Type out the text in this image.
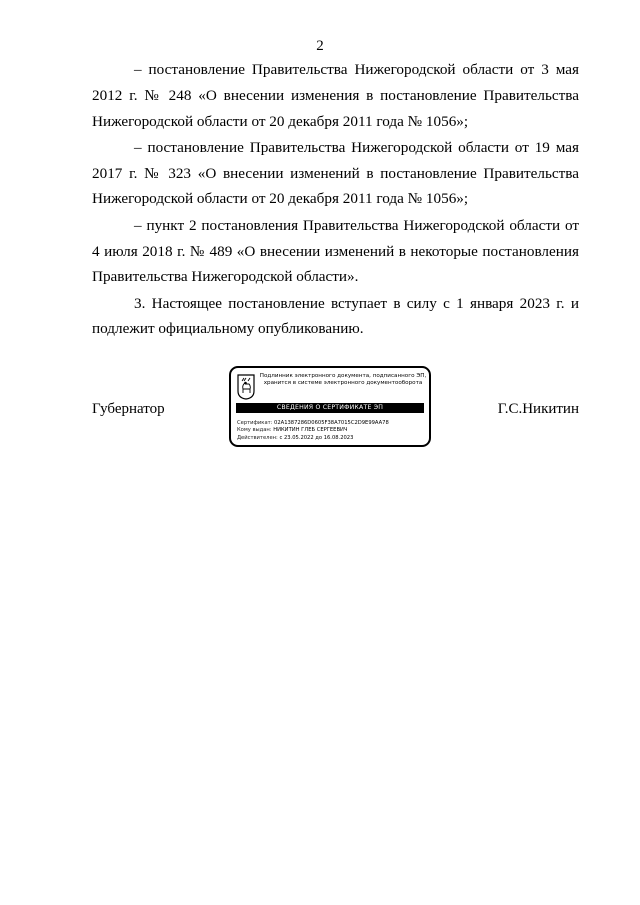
2

– постановление Правительства Нижегородской области от 3 мая 2012 г. № 248 «О внесении изменения в постановление Правительства Нижегородской области от 20 декабря 2011 года № 1056»;

– постановление Правительства Нижегородской области от 19 мая 2017 г. № 323 «О внесении изменений в постановление Правительства Нижегородской области от 20 декабря 2011 года № 1056»;

– пункт 2 постановления Правительства Нижегородской области от 4 июля 2018 г. № 489 «О внесении изменений в некоторые постановления Правительства Нижегородской области».

3. Настоящее постановление вступает в силу с 1 января 2023 г. и подлежит официальному опубликованию.

Губернатор
Подлинник электронного документа, подписанного ЭП,
хранится в системе электронного документооборота
СВЕДЕНИЯ О СЕРТИФИКАТЕ ЭП
Сертификат: 02A1387286D0605F38A7015C2D9E99AA78
Кому выдан: НИКИТИН ГЛЕБ СЕРГЕЕВИЧ
Действителен: с 23.05.2022 до 16.08.2023
Г.С.Никитин
